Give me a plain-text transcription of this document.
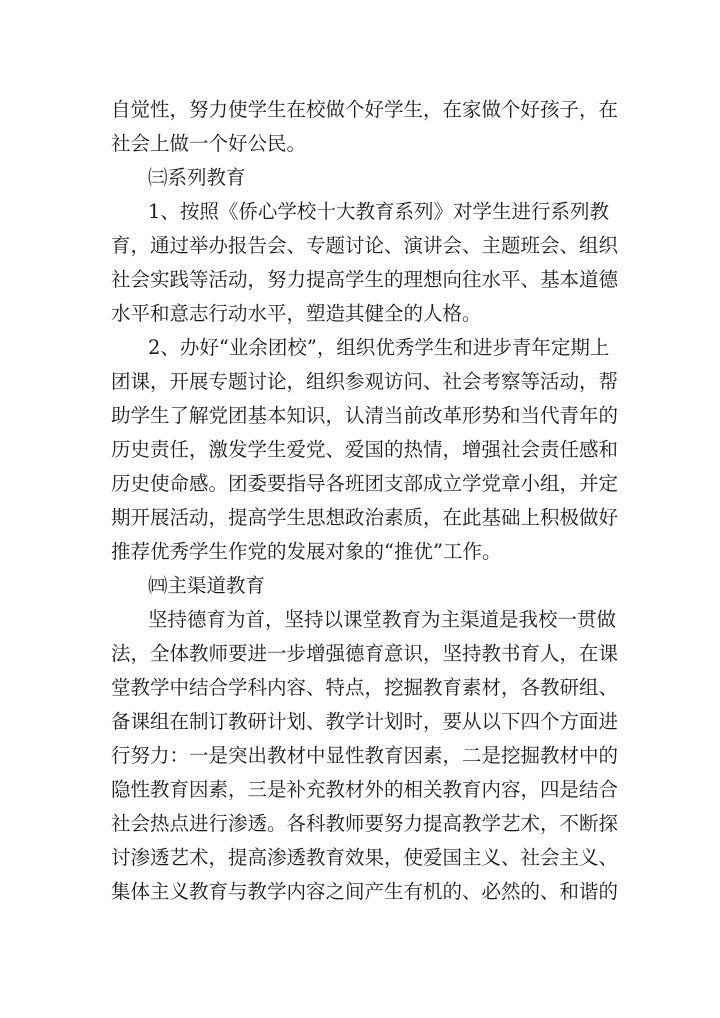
自觉性，努力使学生在校做个好学生，在家做个好孩子，在
社会上做一个好公民。
㈢系列教育
1、按照《侨心学校十大教育系列》对学生进行系列教
育，通过举办报告会、专题讨论、演讲会、主题班会、组织
社会实践等活动，努力提高学生的理想向往水平、基本道德
水平和意志行动水平，塑造其健全的人格。
2、办好“业余团校”，组织优秀学生和进步青年定期上
团课，开展专题讨论，组织参观访问、社会考察等活动，帮
助学生了解党团基本知识，认清当前改革形势和当代青年的
历史责任，激发学生爱党、爱国的热情，增强社会责任感和
历史使命感。团委要指导各班团支部成立学党章小组，并定
期开展活动，提高学生思想政治素质，在此基础上积极做好
推荐优秀学生作党的发展对象的“推优”工作。
㈣主渠道教育
坚持德育为首，坚持以课堂教育为主渠道是我校一贯做
法，全体教师要进一步增强德育意识，坚持教书育人，在课
堂教学中结合学科内容、特点，挖掘教育素材，各教研组、
备课组在制订教研计划、教学计划时，要从以下四个方面进
行努力：一是突出教材中显性教育因素，二是挖掘教材中的
隐性教育因素，三是补充教材外的相关教育内容，四是结合
社会热点进行渗透。各科教师要努力提高教学艺术，不断探
讨渗透艺术，提高渗透教育效果，使爱国主义、社会主义、
集体主义教育与教学内容之间产生有机的、必然的、和谐的
